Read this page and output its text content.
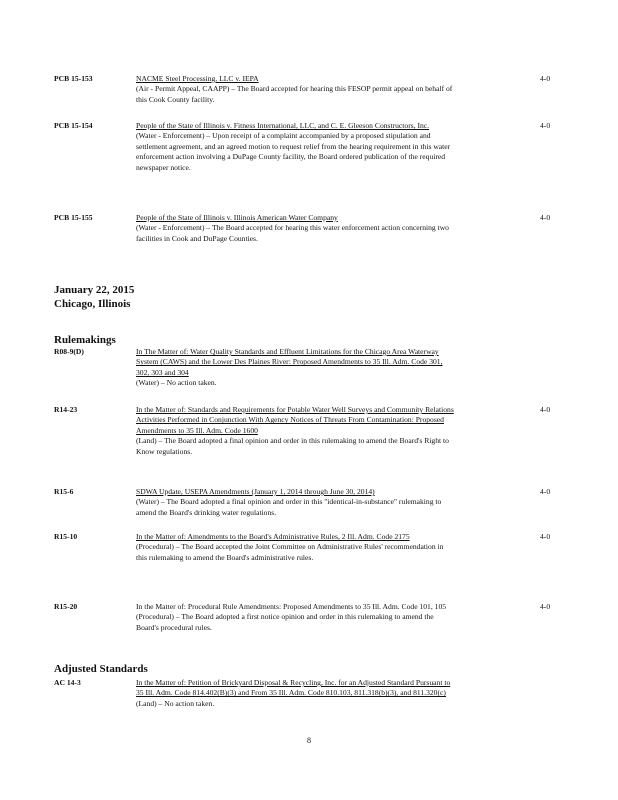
PCB 15-153	NACME Steel Processing, LLC v. IEPA
(Air - Permit Appeal, CAAPP) – The Board accepted for hearing this FESOP permit appeal on behalf of this Cook County facility.
4-0
PCB 15-154	People of the State of Illinois v. Fitness International, LLC, and C. E. Gleeson Constructors, Inc.
(Water - Enforcement) – Upon receipt of a complaint accompanied by a proposed stipulation and settlement agreement, and an agreed motion to request relief from the hearing requirement in this water enforcement action involving a DuPage County facility, the Board ordered publication of the required newspaper notice.
4-0
PCB 15-155	People of the State of Illinois v. Illinois American Water Company
(Water - Enforcement) – The Board accepted for hearing this water enforcement action concerning two facilities in Cook and DuPage Counties.
4-0
January 22, 2015
Chicago, Illinois
Rulemakings
R08-9(D)	In The Matter of: Water Quality Standards and Effluent Limitations for the Chicago Area Waterway System (CAWS) and the Lower Des Plaines River: Proposed Amendments to 35 Ill. Adm. Code 301, 302, 303 and 304
(Water) – No action taken.
R14-23	In the Matter of: Standards and Requirements for Potable Water Well Surveys and Community Relations Activities Performed in Conjunction With Agency Notices of Threats From Contamination: Proposed Amendments to 35 Ill. Adm. Code 1600
(Land) – The Board adopted a final opinion and order in this rulemaking to amend the Board's Right to Know regulations.
4-0
R15-6	SDWA Update, USEPA Amendments (January 1, 2014 through June 30, 2014)
(Water) – The Board adopted a final opinion and order in this "identical-in-substance" rulemaking to amend the Board's drinking water regulations.
4-0
R15-10	In the Matter of: Amendments to the Board's Administrative Rules, 2 Ill. Adm. Code 2175
(Procedural) – The Board accepted the Joint Committee on Administrative Rules' recommendation in this rulemaking to amend the Board's administrative rules.
4-0
R15-20	In the Matter of: Procedural Rule Amendments: Proposed Amendments to 35 Ill. Adm. Code 101, 105 (Procedural) – The Board adopted a first notice opinion and order in this rulemaking to amend the Board's procedural rules.
4-0
Adjusted Standards
AC 14-3	In the Matter of: Petition of Brickyard Disposal & Recycling, Inc. for an Adjusted Standard Pursuant to 35 Ill. Adm. Code 814.402(B)(3) and From 35 Ill. Adm. Code 810.103, 811.318(b)(3), and 811.320(c)
(Land) – No action taken.
8
